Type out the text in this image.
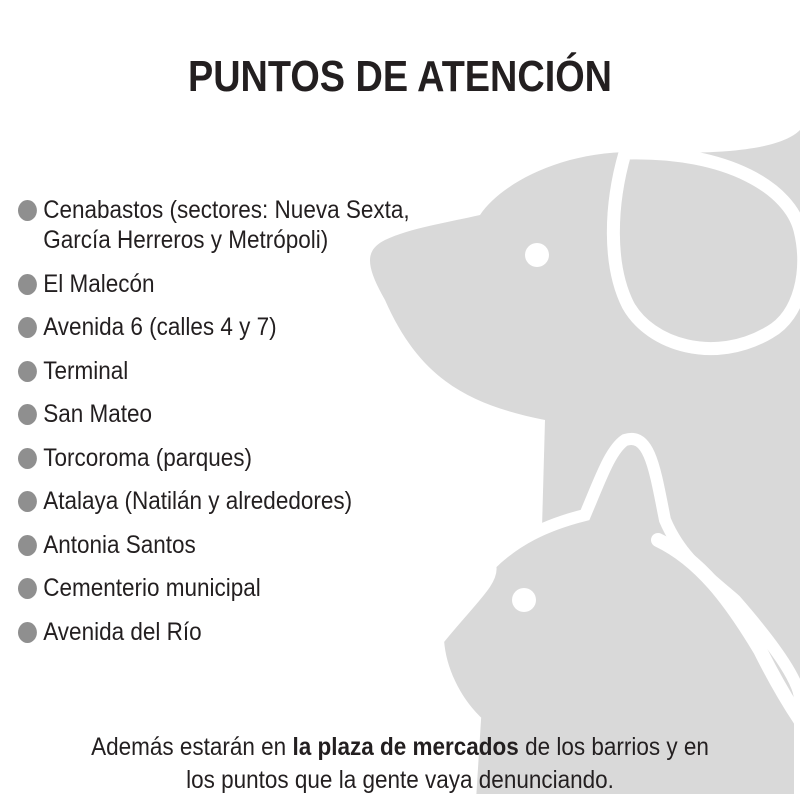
PUNTOS DE ATENCIÓN
Cenabastos (sectores: Nueva Sexta,
García Herreros y Metrópoli)
El Malecón
Avenida 6 (calles 4 y 7)
Terminal
San Mateo
Torcoroma (parques)
Atalaya (Natilán y alrededores)
Antonia Santos
Cementerio municipal
Avenida del Río
Además estarán en la plaza de mercados de los barrios y en
los puntos que la gente vaya denunciando.
